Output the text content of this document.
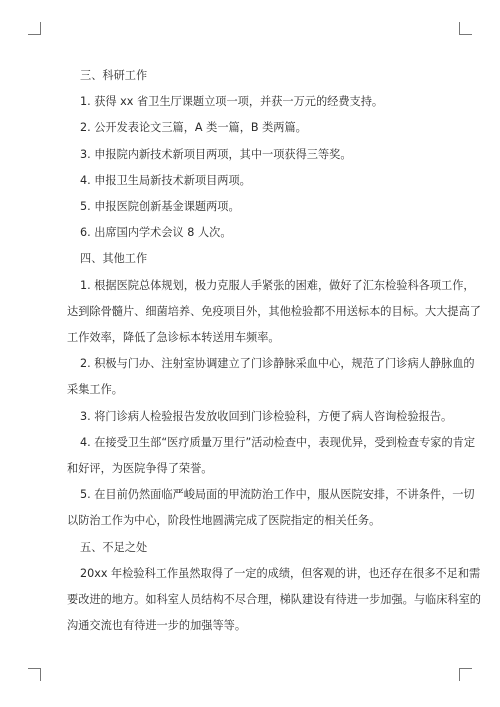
三、科研工作

1. 获得 xx 省卫生厅课题立项一项，并获一万元的经费支持。

2. 公开发表论文三篇，A 类一篇，B 类两篇。

3. 申报院内新技术新项目两项，其中一项获得三等奖。

4. 申报卫生局新技术新项目两项。

5. 申报医院创新基金课题两项。

6. 出席国内学术会议 8 人次。

四、其他工作

1. 根据医院总体规划，极力克服人手紧张的困难，做好了汇东检验科各项工作，

达到除骨髓片、细菌培养、免疫项目外，其他检验都不用送标本的目标。大大提高了

工作效率，降低了急诊标本转送用车频率。

2. 积极与门办、注射室协调建立了门诊静脉采血中心，规范了门诊病人静脉血的

采集工作。

3. 将门诊病人检验报告发放收回到门诊检验科，方便了病人咨询检验报告。

4. 在接受卫生部“医疗质量万里行”活动检查中，表现优异，受到检查专家的肯定

和好评，为医院争得了荣誉。

5. 在目前仍然面临严峻局面的甲流防治工作中，服从医院安排，不讲条件，一切

以防治工作为中心，阶段性地圆满完成了医院指定的相关任务。

五、不足之处

20xx 年检验科工作虽然取得了一定的成绩，但客观的讲，也还存在很多不足和需

要改进的地方。如科室人员结构不尽合理，梯队建设有待进一步加强。与临床科室的

沟通交流也有待进一步的加强等等。
